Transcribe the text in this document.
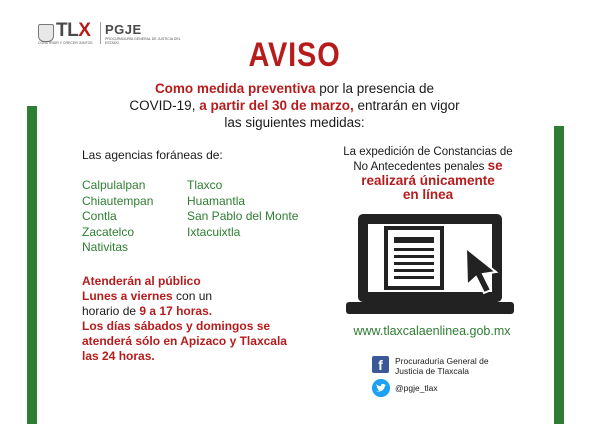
TLX
CONSTRUIR Y CRECER JUNTOS
PGJE
PROCURADURÍA GENERAL DE JUSTICIA DEL ESTADO	AVISO
Como medida preventiva por la presencia de
COVID-19, a partir del 30 de marzo, entrarán en vigor
las siguientes medidas:
Las agencias foráneas de:
Calpulalpan
Chiautempan
Contla
Zacatelco
Nativitas
Tlaxco
Huamantla
San Pablo del Monte
Ixtacuixtla
Atenderán al público
Lunes a viernes con un
horario de 9 a 17 horas.
Los días sábados y domingos se
atenderá sólo en Apizaco y Tlaxcala
las 24 horas.
La expedición de Constancias de
No Antecedentes penales se
realizará únicamente
en línea
www.tlaxcalaenlinea.gob.mx
f	Procuraduría General de
Justicia de Tlaxcala
@pgje_tlax
